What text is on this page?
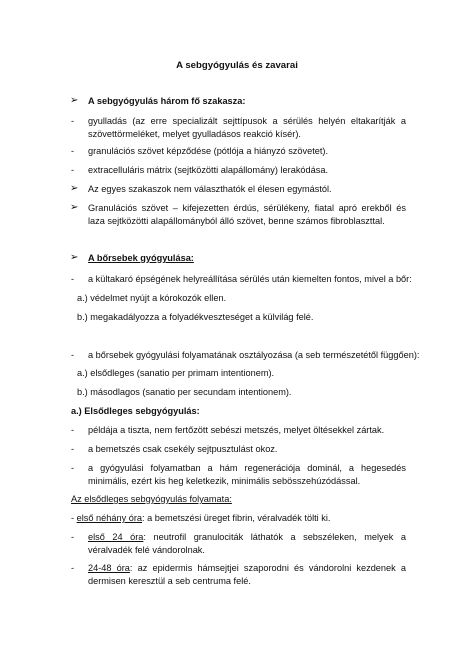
A sebgyógyulás és zavarai
➢ A sebgyógyulás három fő szakasza:
- gyulladás (az erre specializált sejttípusok a sérülés helyén eltakarítják a szövettörmeléket, melyet gyulladásos reakció kísér).
- granulációs szövet képződése (pótlója a hiányzó szövetet).
- extracelluláris mátrix (sejtközötti alapállomány) lerakódása.
➢ Az egyes szakaszok nem választhatók el élesen egymástól.
➢ Granulációs szövet – kifejezetten érdús, sérülékeny, fiatal apró erekből és laza sejtközötti alapállományból álló szövet, benne számos fibroblaszttal.
➢ A bőrsebek gyógyulása:
- a kültakaró épségének helyreállítása sérülés után kiemelten fontos, mivel a bőr:
a.) védelmet nyújt a kórokozók ellen.
b.) megakadályozza a folyadékveszteséget a külvilág felé.
- a bőrsebek gyógyulási folyamatának osztályozása (a seb természetétől függően):
a.) elsődleges (sanatio per primam intentionem).
b.) másodlagos (sanatio per secundam intentionem).
a.) Elsődleges sebgyógyulás:
- példája a tiszta, nem fertőzött sebészi metszés, melyet öltésekkel zártak.
- a bemetszés csak csekély sejtpusztulást okoz.
- a gyógyulási folyamatban a hám regenerációja dominál, a hegesedés minimális, ezért kis heg keletkezik, minimális sebösszehúzódással.
Az elsődleges sebgyógyulás folyamata:
- első néhány óra: a bemetszési üreget fibrin, véralvadék tölti ki.
- első 24 óra: neutrofil granulociták láthatók a sebszéleken, melyek a véralvadék felé vándorolnak.
- 24-48 óra: az epidermis hámsejtjei szaporodni és vándorolni kezdenek a dermisen keresztül a seb centruma felé.
